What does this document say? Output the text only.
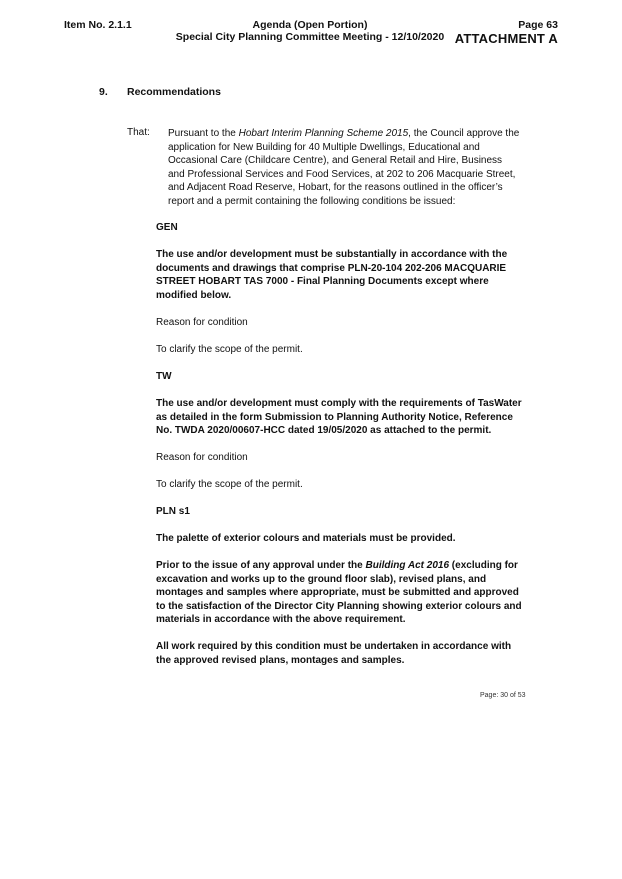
Item No. 2.1.1	Agenda (Open Portion)
Special City Planning Committee Meeting - 12/10/2020
Page 63
ATTACHMENT A
9. Recommendations
That: Pursuant to the Hobart Interim Planning Scheme 2015, the Council approve the application for New Building for 40 Multiple Dwellings, Educational and Occasional Care (Childcare Centre), and General Retail and Hire, Business and Professional Services and Food Services, at 202 to 206 Macquarie Street, and Adjacent Road Reserve, Hobart, for the reasons outlined in the officer’s report and a permit containing the following conditions be issued:
GEN
The use and/or development must be substantially in accordance with the documents and drawings that comprise PLN-20-104 202-206 MACQUARIE STREET HOBART TAS 7000 - Final Planning Documents except where modified below.
Reason for condition
To clarify the scope of the permit.
TW
The use and/or development must comply with the requirements of TasWater as detailed in the form Submission to Planning Authority Notice, Reference No. TWDA 2020/00607-HCC dated 19/05/2020 as attached to the permit.
Reason for condition
To clarify the scope of the permit.
PLN s1
The palette of exterior colours and materials must be provided.
Prior to the issue of any approval under the Building Act 2016 (excluding for excavation and works up to the ground floor slab), revised plans, and montages and samples where appropriate, must be submitted and approved to the satisfaction of the Director City Planning showing exterior colours and materials in accordance with the above requirement.
All work required by this condition must be undertaken in accordance with the approved revised plans, montages and samples.
Page: 30 of 53
